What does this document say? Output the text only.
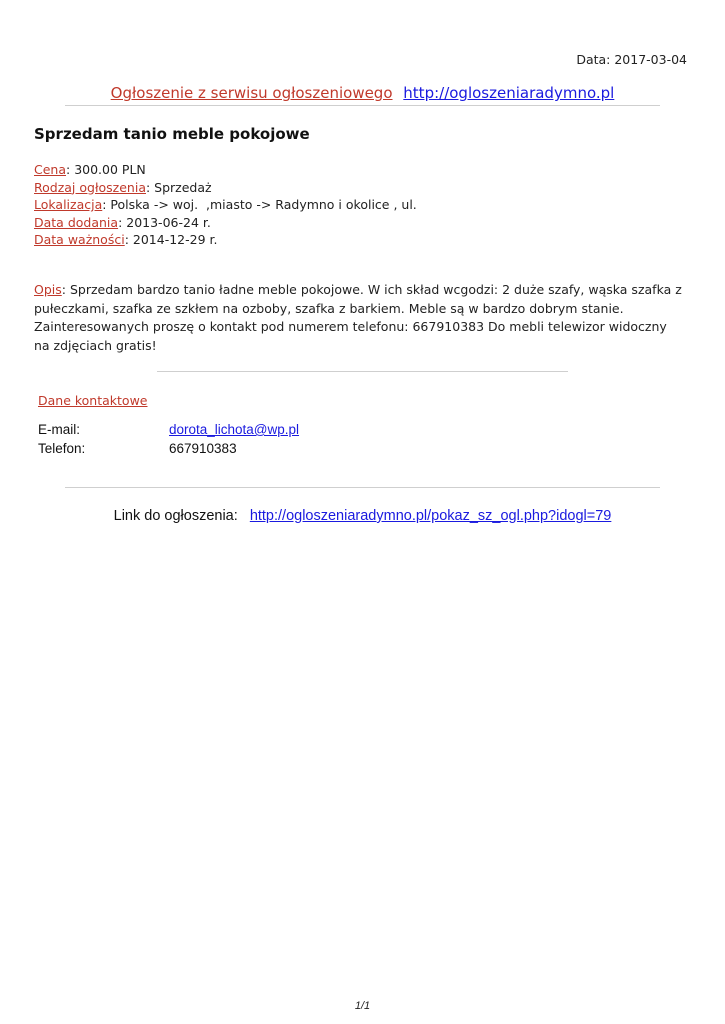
Data: 2017-03-04
Ogłoszenie z serwisu ogłoszeniowego http://ogloszeniaradymno.pl
Sprzedam tanio meble pokojowe
Cena: 300.00 PLN
Rodzaj ogłoszenia: Sprzedaż
Lokalizacja: Polska -> woj.  ,miasto -> Radymno i okolice , ul.
Data dodania: 2013-06-24 r.
Data ważności: 2014-12-29 r.
Opis: Sprzedam bardzo tanio ładne meble pokojowe. W ich skład wcgodzi: 2 duże szafy, wąska szafka z pułeczkami, szafka ze szkłem na ozboby, szafka z barkiem. Meble są w bardzo dobrym stanie. Zainteresowanych proszę o kontakt pod numerem telefonu: 667910383 Do mebli telewizor widoczny na zdjęciach gratis!
Dane kontaktowe
E-mail:	dorota_lichota@wp.pl
Telefon:	667910383
Link do ogłoszenia: http://ogloszeniaradymno.pl/pokaz_sz_ogl.php?idogl=79
1/1
